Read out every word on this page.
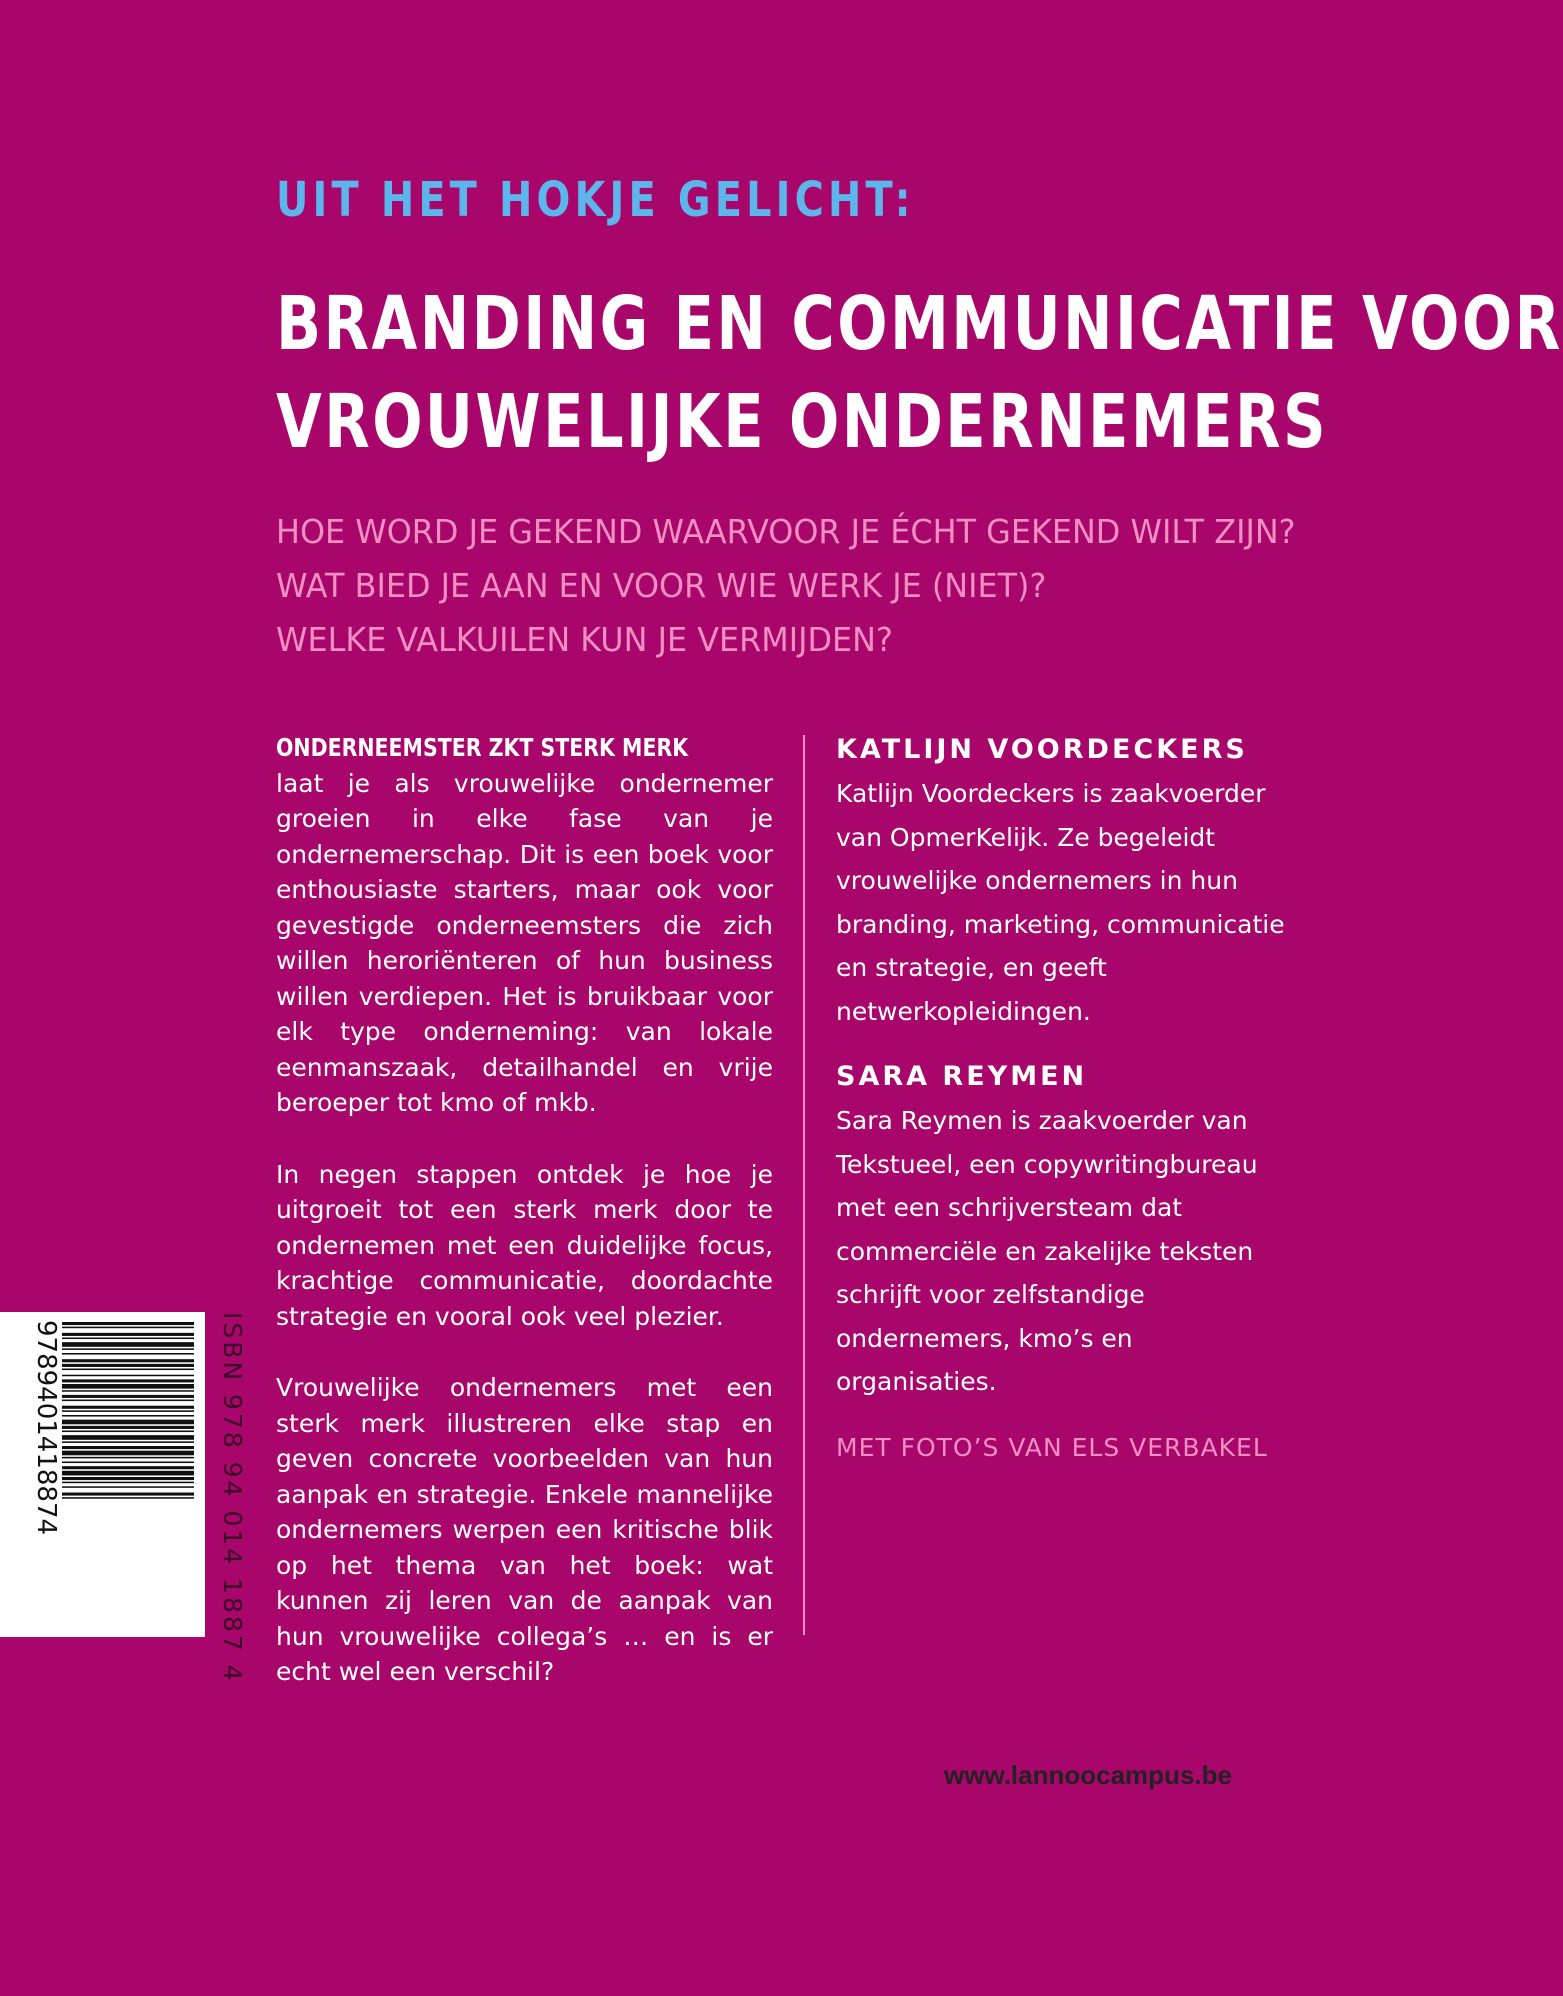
UIT HET HOKJE GELICHT:
BRANDING EN COMMUNICATIE VOOR
VROUWELIJKE ONDERNEMERS
HOE WORD JE GEKEND WAARVOOR JE ÉCHT GEKEND WILT ZIJN?
WAT BIED JE AAN EN VOOR WIE WERK JE (NIET)?
WELKE VALKUILEN KUN JE VERMIJDEN?

ONDERNEEMSTER ZKT STERK MERK laat je als vrouwelijke ondernemer groeien in elke fase van je ondernemerschap. Dit is een boek voor enthousiaste starters, maar ook voor gevestigde onderneemsters die zich willen heroriënteren of hun business willen verdiepen. Het is bruikbaar voor elk type onderneming: van lokale eenmanszaak, detailhandel en vrije beroeper tot kmo of mkb.

In negen stappen ontdek je hoe je uitgroeit tot een sterk merk door te ondernemen met een duidelijke focus, krachtige communicatie, doordachte strategie en vooral ook veel plezier.

Vrouwelijke ondernemers met een sterk merk illustreren elke stap en geven concrete voorbeelden van hun aanpak en strategie. Enkele mannelijke ondernemers werpen een kritische blik op het thema van het boek: wat kunnen zij leren van de aanpak van hun vrouwelijke collega’s … en is er echt wel een verschil?

KATLIJN VOORDECKERS
Katlijn Voordeckers is zaakvoerder van OpmerKelijk. Ze begeleidt vrouwelijke ondernemers in hun branding, marketing, communicatie en strategie, en geeft netwerkopleidingen.
SARA REYMEN
Sara Reymen is zaakvoerder van Tekstueel, een copywritingbureau met een schrijversteam dat commerciële en zakelijke teksten schrijft voor zelfstandige ondernemers, kmo’s en organisaties.
MET FOTO’S VAN ELS VERBAKEL
9789401418874	ISBN 978 94 014 1887 4
www.lannoocampus.be
